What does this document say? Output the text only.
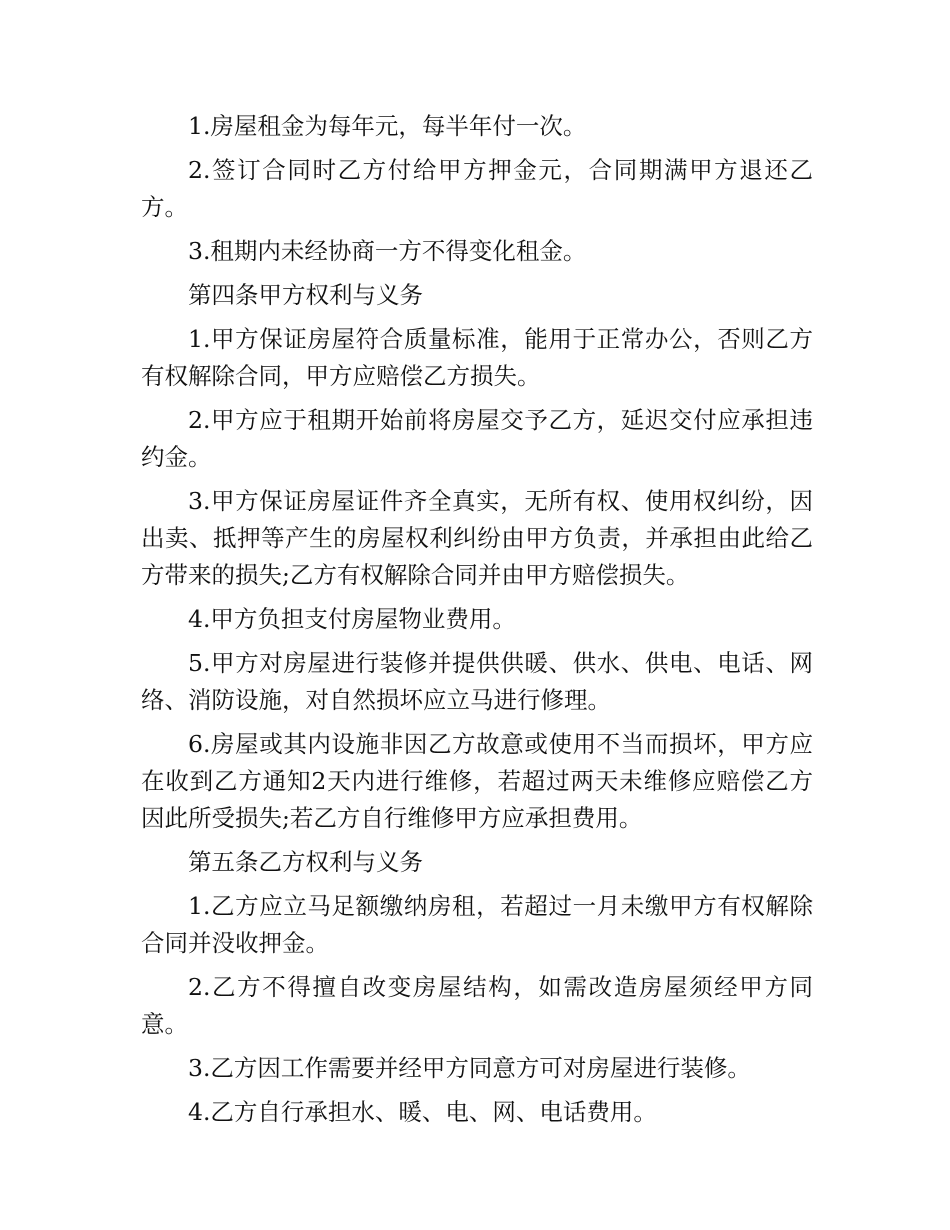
1.房屋租金为每年元，每半年付一次。

2.签订合同时乙方付给甲方押金元，合同期满甲方退还乙方。

3.租期内未经协商一方不得变化租金。

第四条甲方权利与义务

1.甲方保证房屋符合质量标准，能用于正常办公，否则乙方有权解除合同，甲方应赔偿乙方损失。

2.甲方应于租期开始前将房屋交予乙方，延迟交付应承担违约金。

3.甲方保证房屋证件齐全真实，无所有权、使用权纠纷，因出卖、抵押等产生的房屋权利纠纷由甲方负责，并承担由此给乙方带来的损失;乙方有权解除合同并由甲方赔偿损失。

4.甲方负担支付房屋物业费用。

5.甲方对房屋进行装修并提供供暖、供水、供电、电话、网络、消防设施，对自然损坏应立马进行修理。

6.房屋或其内设施非因乙方故意或使用不当而损坏，甲方应在收到乙方通知2天内进行维修，若超过两天未维修应赔偿乙方因此所受损失;若乙方自行维修甲方应承担费用。

第五条乙方权利与义务

1.乙方应立马足额缴纳房租，若超过一月未缴甲方有权解除合同并没收押金。

2.乙方不得擅自改变房屋结构，如需改造房屋须经甲方同意。

3.乙方因工作需要并经甲方同意方可对房屋进行装修。

4.乙方自行承担水、暖、电、网、电话费用。
